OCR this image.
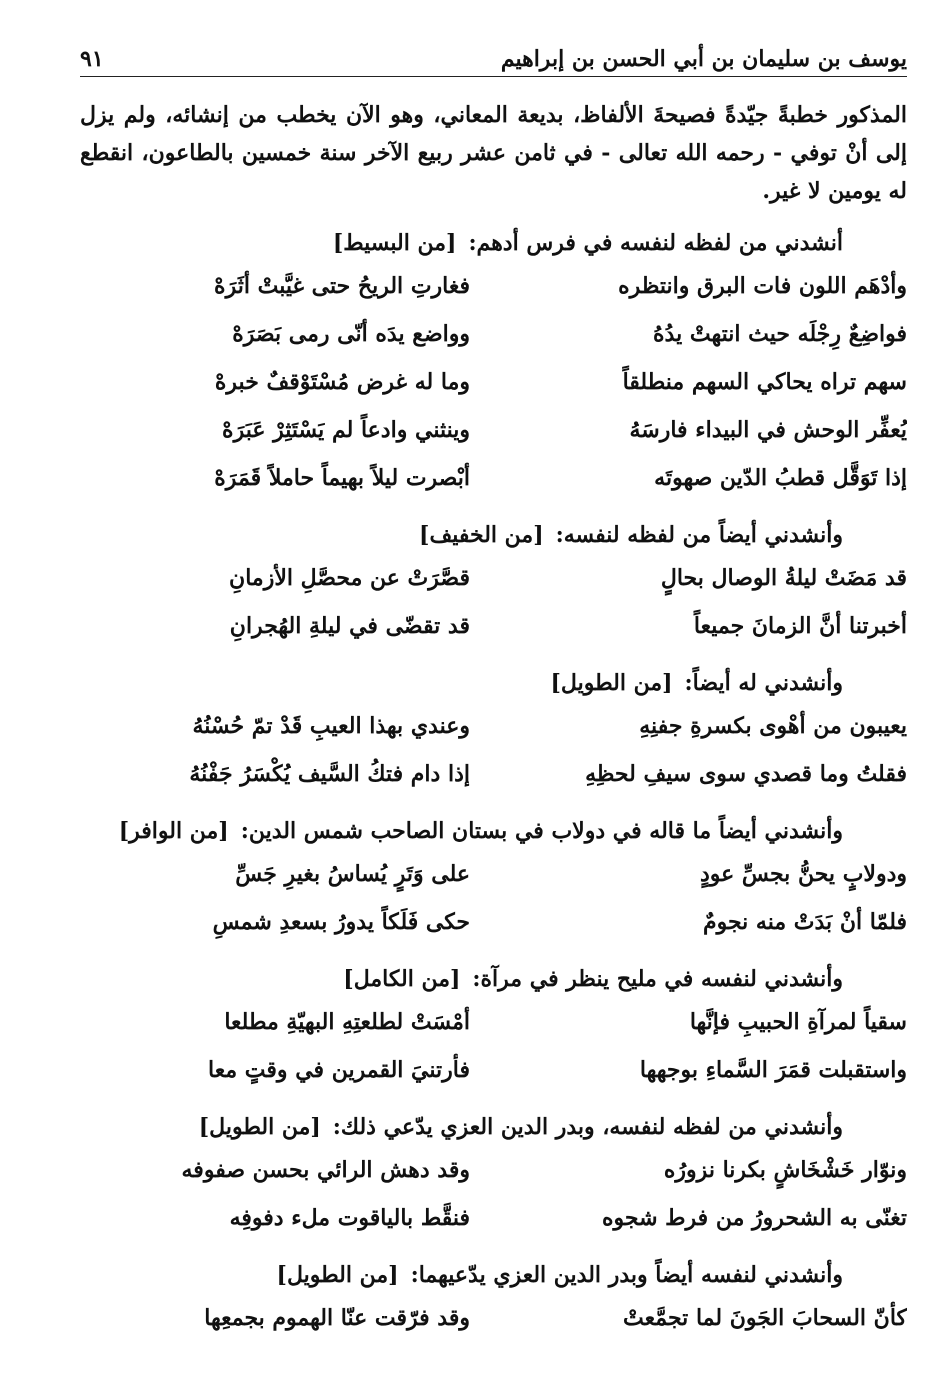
يوسف بن سليمان بن أبي الحسن بن إبراهيم
٩١

المذكور خطبةً جيّدةً فصيحةَ الألفاظ، بديعة المعاني، وهو الآن يخطب من إنشائه، ولم يزل إلى أنْ توفي - رحمه الله تعالى - في ثامن عشر ربيع الآخر سنة خمسين بالطاعون، انقطع له يومين لا غير.

أنشدني من لفظه لنفسه في فرس أدهم:[من البسيط]
وأدْهَم اللون فات البرق وانتظره
فغارتِ الريحُ حتى غيَّبتْ أثَرَهْ
فواضِعٌ رِجْلَه حيث انتهتْ يدُهُ
وواضع يدَه أنّى رمى بَصَرَهْ
سهم تراه يحاكي السهم منطلقاً
وما له غرض مُسْتَوْقفٌ خبرهْ
يُعفِّر الوحش في البيداء فارسَهُ
وينثني وادعاً لم يَسْتَثِرْ عَبَرَهْ
إذا تَوَقَّل قطبُ الدّين صهوتَه
أبْصرت ليلاً بهيماً حاملاً قَمَرَهْ
وأنشدني أيضاً من لفظه لنفسه:[من الخفيف]
قد مَضَتْ ليلةُ الوصال بحالٍ
قصَّرَتْ عن محصَّلِ الأزمانِ
أخبرتنا أنَّ الزمانَ جميعاً
قد تقضّى في ليلةِ الهُجرانِ
وأنشدني له أيضاً:[من الطويل]
يعيبون من أهْوى بكسرةِ جفنِهِ
وعندي بهذا العيبِ قَدْ تمّ حُسْنُهُ
فقلتُ وما قصدي سوى سيفِ لحظِهِ
إذا دام فتكُ السَّيف يُكْسَرُ جَفْنُهُ
وأنشدني أيضاً ما قاله في دولاب في بستان الصاحب شمس الدين:[من الوافر]
ودولابٍ يحنُّ بجسِّ عودٍ
على وَتَرٍ يُساسُ بغيرِ جَسِّ
فلمّا أنْ بَدَتْ منه نجومٌ
حكى فَلَكاً يدورُ بسعدِ شمسِ
وأنشدني لنفسه في مليح ينظر في مرآة:[من الكامل]
سقياً لمرآةِ الحبيبِ فإنَّها
أمْسَتْ لطلعتِهِ البهيّةِ مطلعا
واستقبلت قمَرَ السَّماءِ بوجهها
فأرتنيَ القمرين في وقتٍ معا
وأنشدني من لفظه لنفسه، وبدر الدين العزي يدّعي ذلك:[من الطويل]
ونوّار خَشْخَاشٍ بكرنا نزورُه
وقد دهش الرائي بحسن صفوفه
تغنّى به الشحرورُ من فرط شجوه
فنقَّط بالياقوت ملء دفوفِه
وأنشدني لنفسه أيضاً وبدر الدين العزي يدّعيهما:[من الطويل]
كأنّ السحابَ الجَونَ لما تجمَّعتْ
وقد فرّقت عنّا الهموم بجمعِها
